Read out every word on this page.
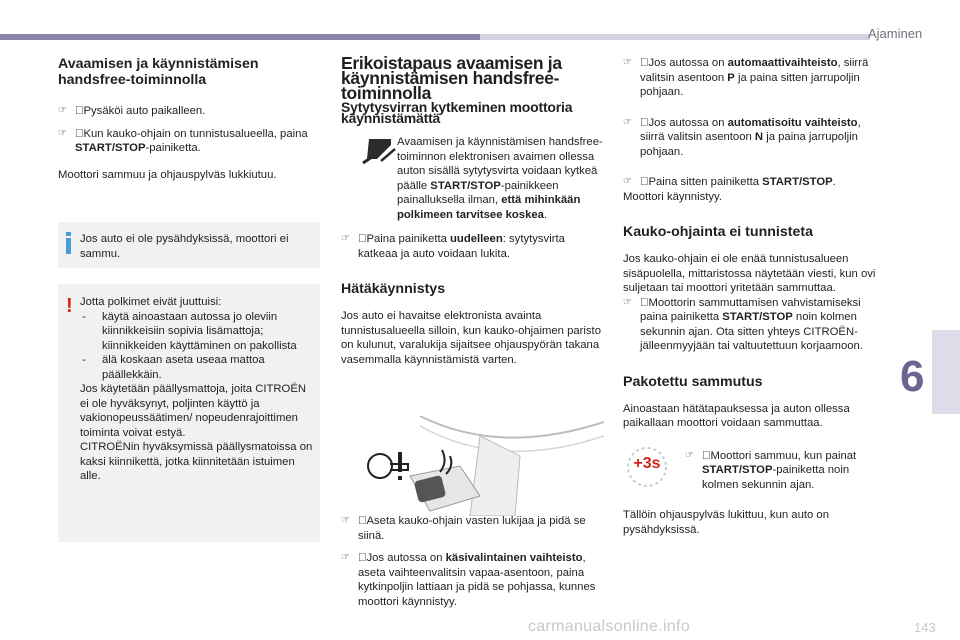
Ajaminen
6
Avaamisen ja käynnistämisen handsfree-toiminnolla

☞ Pysäköi auto paikalleen.

☞ Kun kauko-ohjain on tunnistusalueella, paina START/STOP-painiketta.

Moottori sammuu ja ohjauspylväs lukkiutuu.

Jos auto ei ole pysähdyksissä, moottori ei sammu.
! Jotta polkimet eivät juuttuisi:

- käytä ainoastaan autossa jo oleviin kiinnikkeisiin sopivia lisämattoja; kiinnikkeiden käyttäminen on pakollista

- älä koskaan aseta useaa mattoa päällekkäin.

Jos käytetään päällysmattoja, joita CITROËN ei ole hyväksynyt, poljinten käyttö ja vakionopeussäätimen/ nopeudenrajoittimen toiminta voivat estyä.

CITROËNin hyväksymissä päällysmatoissa on kaksi kiinnikettä, jotka kiinnitetään istuimen alle.

Erikoistapaus avaamisen ja käynnistämisen handsfree-toiminnolla
Sytytysvirran kytkeminen moottoria käynnistämättä

Avaamisen ja käynnistämisen handsfree-toiminnon elektronisen avaimen ollessa auton sisällä sytytysvirta voidaan kytkeä päälle START/STOP-painikkeen painalluksella ilman, että mihinkään polkimeen tarvitsee koskea.

☞ Paina painiketta uudelleen: sytytysvirta katkeaa ja auto voidaan lukita.

Hätäkäynnistys

Jos auto ei havaitse elektronista avainta tunnistusalueella silloin, kun kauko-ohjaimen paristo on kulunut, varalukija sijaitsee ohjauspyörän takana vasemmalla käynnistämistä varten.

☞ Aseta kauko-ohjain vasten lukijaa ja pidä se siinä.

☞ Jos autossa on käsivalintainen vaihteisto, aseta vaihteenvalitsin vapaa-asentoon, paina kytkinpoljin lattiaan ja pidä se pohjassa, kunnes moottori käynnistyy.

☞ Jos autossa on automaattivaihteisto, siirrä valitsin asentoon P ja paina sitten jarrupoljin pohjaan.

☞ Jos autossa on automatisoitu vaihteisto, siirrä valitsin asentoon N ja paina jarrupoljin pohjaan.

☞ Paina sitten painiketta START/STOP.

Moottori käynnistyy.

Kauko-ohjainta ei tunnisteta

Jos kauko-ohjain ei ole enää tunnistusalueen sisäpuolella, mittaristossa näytetään viesti, kun ovi suljetaan tai moottori yritetään sammuttaa.

☞ Moottorin sammuttamisen vahvistamiseksi paina painiketta START/STOP noin kolmen sekunnin ajan. Ota sitten yhteys CITROËN-jälleenmyyjään tai valtuutettuun korjaamoon.

Pakotettu sammutus

Ainoastaan hätätapauksessa ja auton ollessa paikallaan moottori voidaan sammuttaa.

+3s	☞ Moottori sammuu, kun painat START/STOP-painiketta noin kolmen sekunnin ajan.

Tällöin ohjauspylväs lukittuu, kun auto on pysähdyksissä.

carmanualsonline.info	143
